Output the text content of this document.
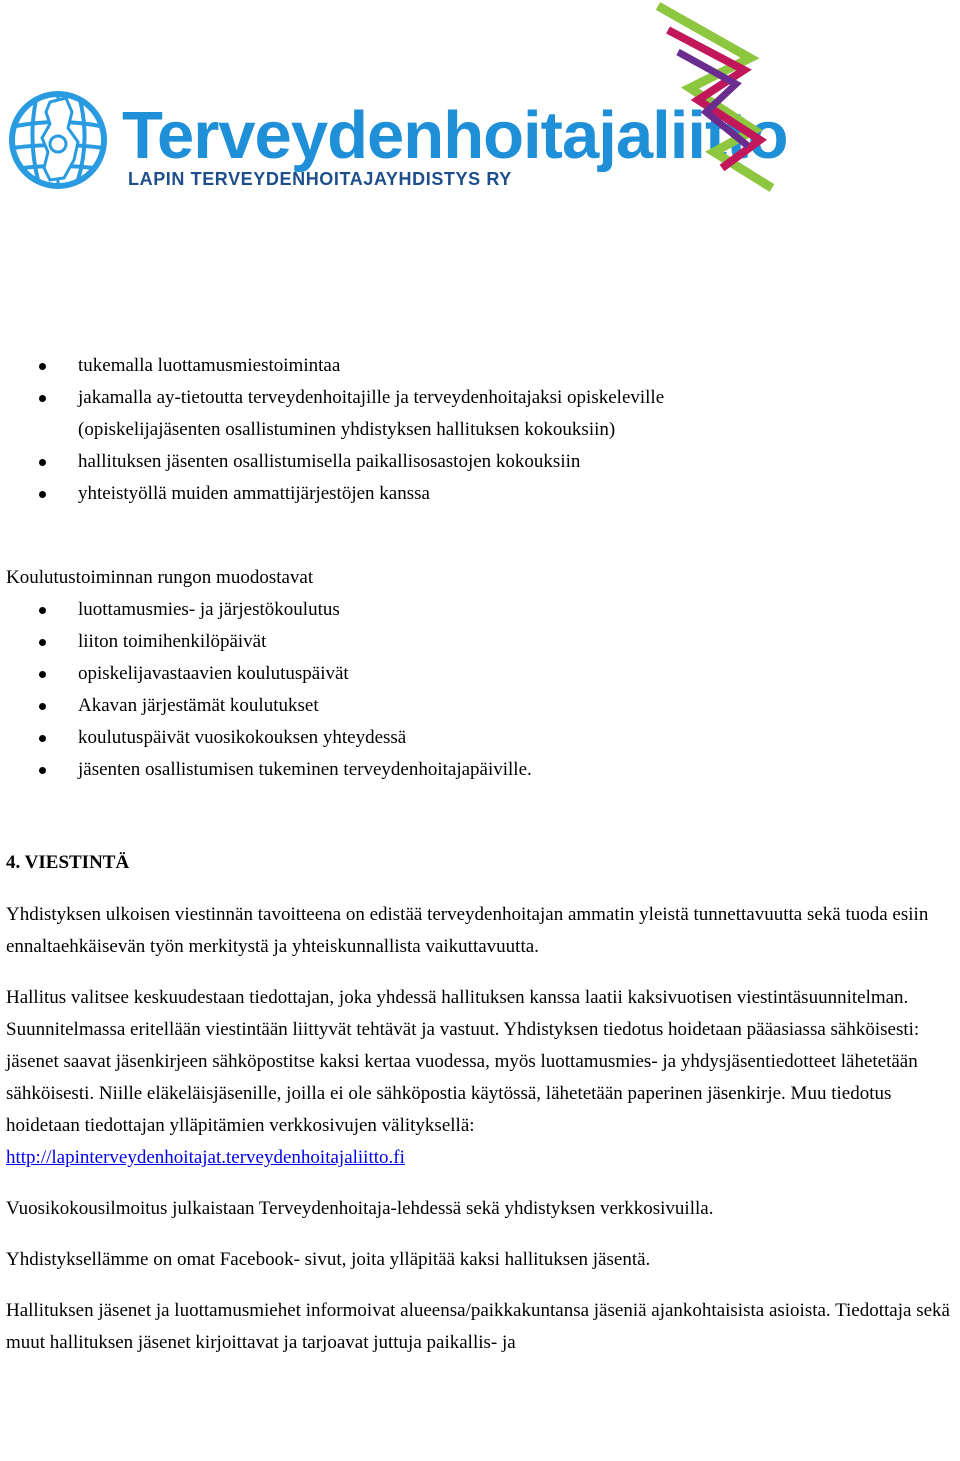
Terveydenhoitajaliitto
LAPIN TERVEYDENHOITAJAYHDISTYS RY
tukemalla luottamusmiestoimintaa
jakamalla ay-tietoutta terveydenhoitajille ja terveydenhoitajaksi opiskeleville
(opiskelijajäsenten osallistuminen yhdistyksen hallituksen kokouksiin)
hallituksen jäsenten osallistumisella paikallisosastojen kokouksiin
yhteistyöllä muiden ammattijärjestöjen kanssa

Koulutustoiminnan rungon muodostavat

luottamusmies- ja järjestökoulutus
liiton toimihenkilöpäivät
opiskelijavastaavien koulutuspäivät
Akavan järjestämät koulutukset
koulutuspäivät vuosikokouksen yhteydessä
jäsenten osallistumisen tukeminen terveydenhoitajapäiville.
4. VIESTINTÄ

Yhdistyksen ulkoisen viestinnän tavoitteena on edistää terveydenhoitajan ammatin yleistä tunnettavuutta sekä tuoda esiin ennaltaehkäisevän työn merkitystä ja yhteiskunnallista vaikuttavuutta.

Hallitus valitsee keskuudestaan tiedottajan, joka yhdessä hallituksen kanssa laatii kaksivuotisen viestintäsuunnitelman. Suunnitelmassa eritellään viestintään liittyvät tehtävät ja vastuut. Yhdistyksen tiedotus hoidetaan pääasiassa sähköisesti: jäsenet saavat jäsenkirjeen sähköpostitse kaksi kertaa vuodessa, myös luottamusmies- ja yhdysjäsentiedotteet lähetetään sähköisesti. Niille eläkeläisjäsenille, joilla ei ole sähköpostia käytössä, lähetetään paperinen jäsenkirje. Muu tiedotus hoidetaan tiedottajan ylläpitämien verkkosivujen välityksellä:
http://lapinterveydenhoitajat.terveydenhoitajaliitto.fi

Vuosikokousilmoitus julkaistaan Terveydenhoitaja-lehdessä sekä yhdistyksen verkkosivuilla.

Yhdistyksellämme on omat Facebook- sivut, joita ylläpitää kaksi hallituksen jäsentä.

Hallituksen jäsenet ja luottamusmiehet informoivat alueensa/paikkakuntansa jäseniä ajankohtaisista asioista. Tiedottaja sekä muut hallituksen jäsenet kirjoittavat ja tarjoavat juttuja paikallis- ja
